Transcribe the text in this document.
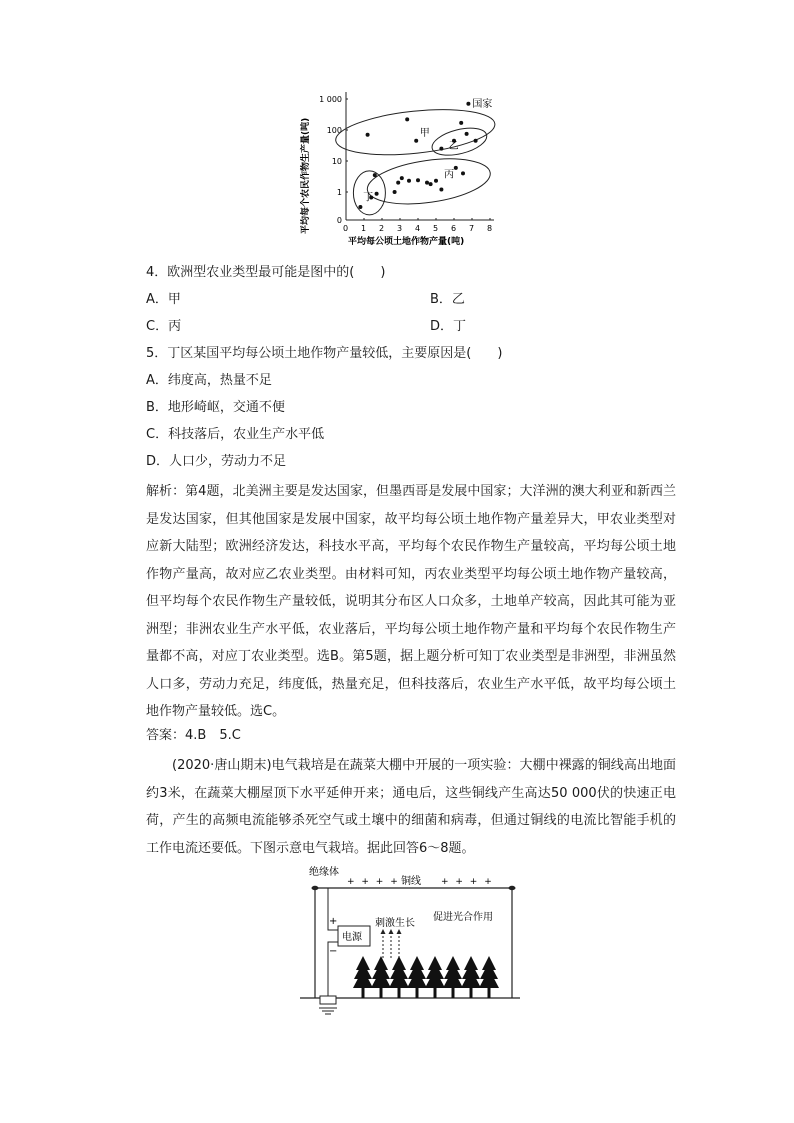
0 1 2 3 4 5 6 7 8
0
1
10
100
1 000
平均每公顷土地作物产量(吨)
平均每个农民作物生产量(吨)
国家
甲
乙
丙
丁
4．欧洲型农业类型最可能是图中的(　　)
A．甲	B．乙
C．丙	D．丁
5．丁区某国平均每公顷土地作物产量较低，主要原因是(　　)
A．纬度高，热量不足
B．地形崎岖，交通不便
C．科技落后，农业生产水平低
D．人口少，劳动力不足
解析：第4题，北美洲主要是发达国家，但墨西哥是发展中国家；大洋洲的澳大利亚和新西兰是发达国家，但其他国家是发展中国家，故平均每公顷土地作物产量差异大，甲农业类型对应新大陆型；欧洲经济发达，科技水平高，平均每个农民作物生产量较高，平均每公顷土地作物产量高，故对应乙农业类型。由材料可知，丙农业类型平均每公顷土地作物产量较高，但平均每个农民作物生产量较低，说明其分布区人口众多，土地单产较高，因此其可能为亚洲型；非洲农业生产水平低，农业落后，平均每公顷土地作物产量和平均每个农民作物生产量都不高，对应丁农业类型。选B。第5题，据上题分析可知丁农业类型是非洲型，非洲虽然人口多，劳动力充足，纬度低，热量充足，但科技落后，农业生产水平低，故平均每公顷土地作物产量较低。选C。
答案：4.B　5.C
(2020·唐山期末)电气栽培是在蔬菜大棚中开展的一项实验：大棚中裸露的铜线高出地面约3米，在蔬菜大棚屋顶下水平延伸开来；通电后，这些铜线产生高达50 000伏的快速正电荷，产生的高频电流能够杀死空气或土壤中的细菌和病毒，但通过铜线的电流比智能手机的工作电流还要低。下图示意电气栽培。据此回答6～8题。
绝缘体
+ + + + 铜线 + + + +
电源
+
−
刺激生长
促进光合作用
